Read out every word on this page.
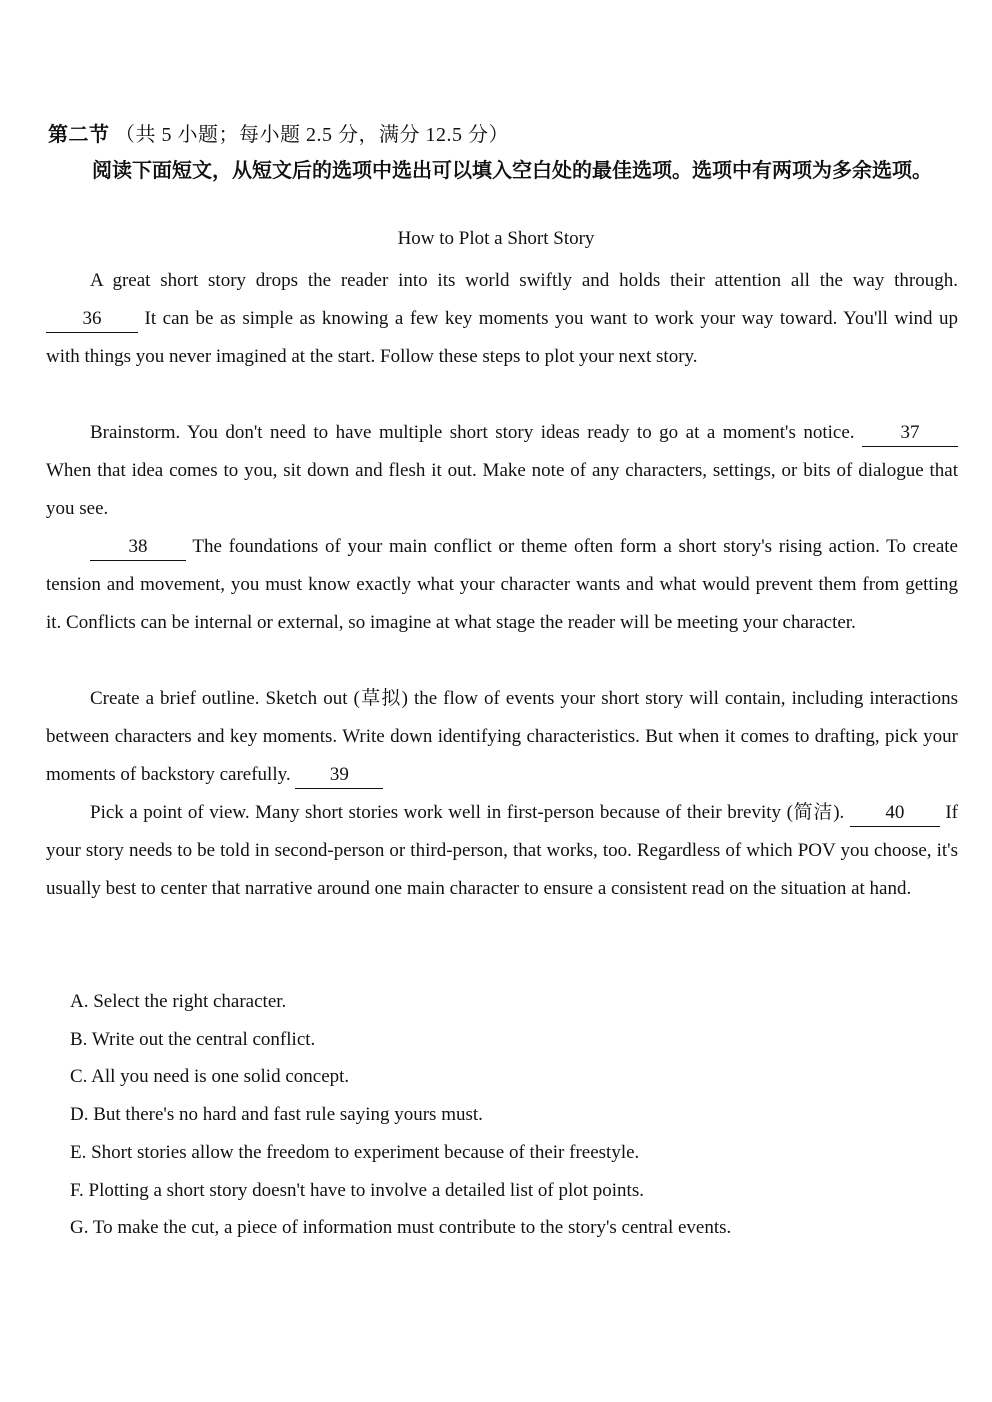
第二节 （共 5 小题；每小题 2.5 分，满分 12.5 分）

阅读下面短文，从短文后的选项中选出可以填入空白处的最佳选项。选项中有两项为多余选项。

How to Plot a Short Story

A great short story drops the reader into its world swiftly and holds their attention all the way through. 36 It can be as simple as knowing a few key moments you want to work your way toward. You'll wind up with things you never imagined at the start. Follow these steps to plot your next story.

Brainstorm. You don't need to have multiple short story ideas ready to go at a moment's notice. 37 When that idea comes to you, sit down and flesh it out. Make note of any characters, settings, or bits of dialogue that you see.

38 The foundations of your main conflict or theme often form a short story's rising action. To create tension and movement, you must know exactly what your character wants and what would prevent them from getting it. Conflicts can be internal or external, so imagine at what stage the reader will be meeting your character.

Create a brief outline. Sketch out (草拟) the flow of events your short story will contain, including interactions between characters and key moments. Write down identifying characteristics. But when it comes to drafting, pick your moments of backstory carefully. 39

Pick a point of view. Many short stories work well in first-person because of their brevity (简洁). 40 If your story needs to be told in second-person or third-person, that works, too. Regardless of which POV you choose, it's usually best to center that narrative around one main character to ensure a consistent read on the situation at hand.

A. Select the right character.
B. Write out the central conflict.
C. All you need is one solid concept.
D. But there's no hard and fast rule saying yours must.
E. Short stories allow the freedom to experiment because of their freestyle.
F. Plotting a short story doesn't have to involve a detailed list of plot points.
G. To make the cut, a piece of information must contribute to the story's central events.
